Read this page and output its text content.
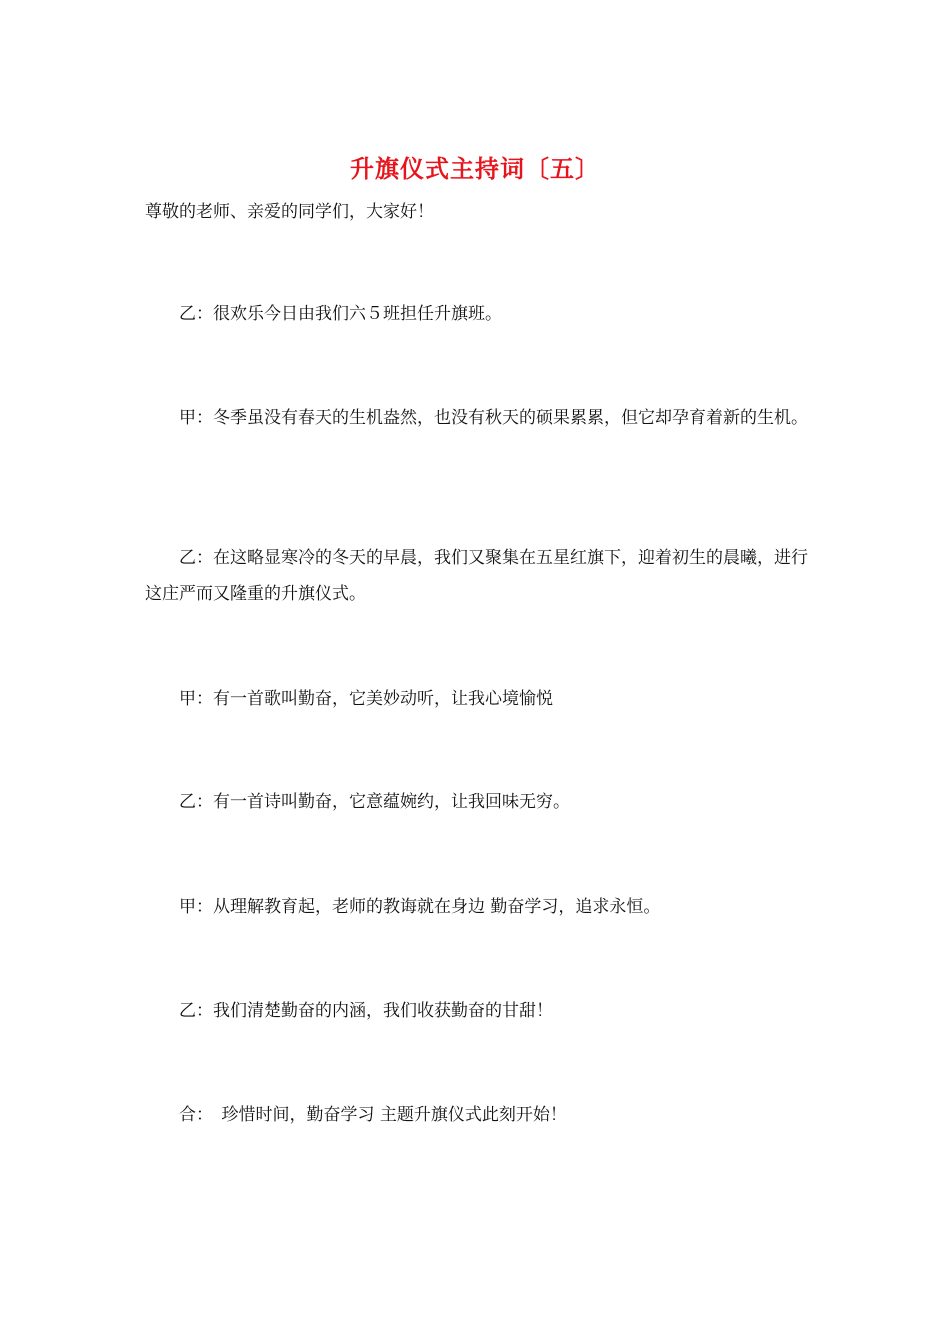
升旗仪式主持词〔五〕
尊敬的老师、亲爱的同学们，大家好！
乙：很欢乐今日由我们六５班担任升旗班。
甲：冬季虽没有春天的生机盎然，也没有秋天的硕果累累，但它却孕育着新的生机。
乙：在这略显寒冷的冬天的早晨，我们又聚集在五星红旗下，迎着初生的晨曦，进行这庄严而又隆重的升旗仪式。
甲：有一首歌叫勤奋，它美妙动听，让我心境愉悦
乙：有一首诗叫勤奋，它意蕴婉约，让我回味无穷。
甲：从理解教育起，老师的教诲就在身边 勤奋学习，追求永恒。
乙：我们清楚勤奋的内涵，我们收获勤奋的甘甜！
合：　珍惜时间，勤奋学习 主题升旗仪式此刻开始！
